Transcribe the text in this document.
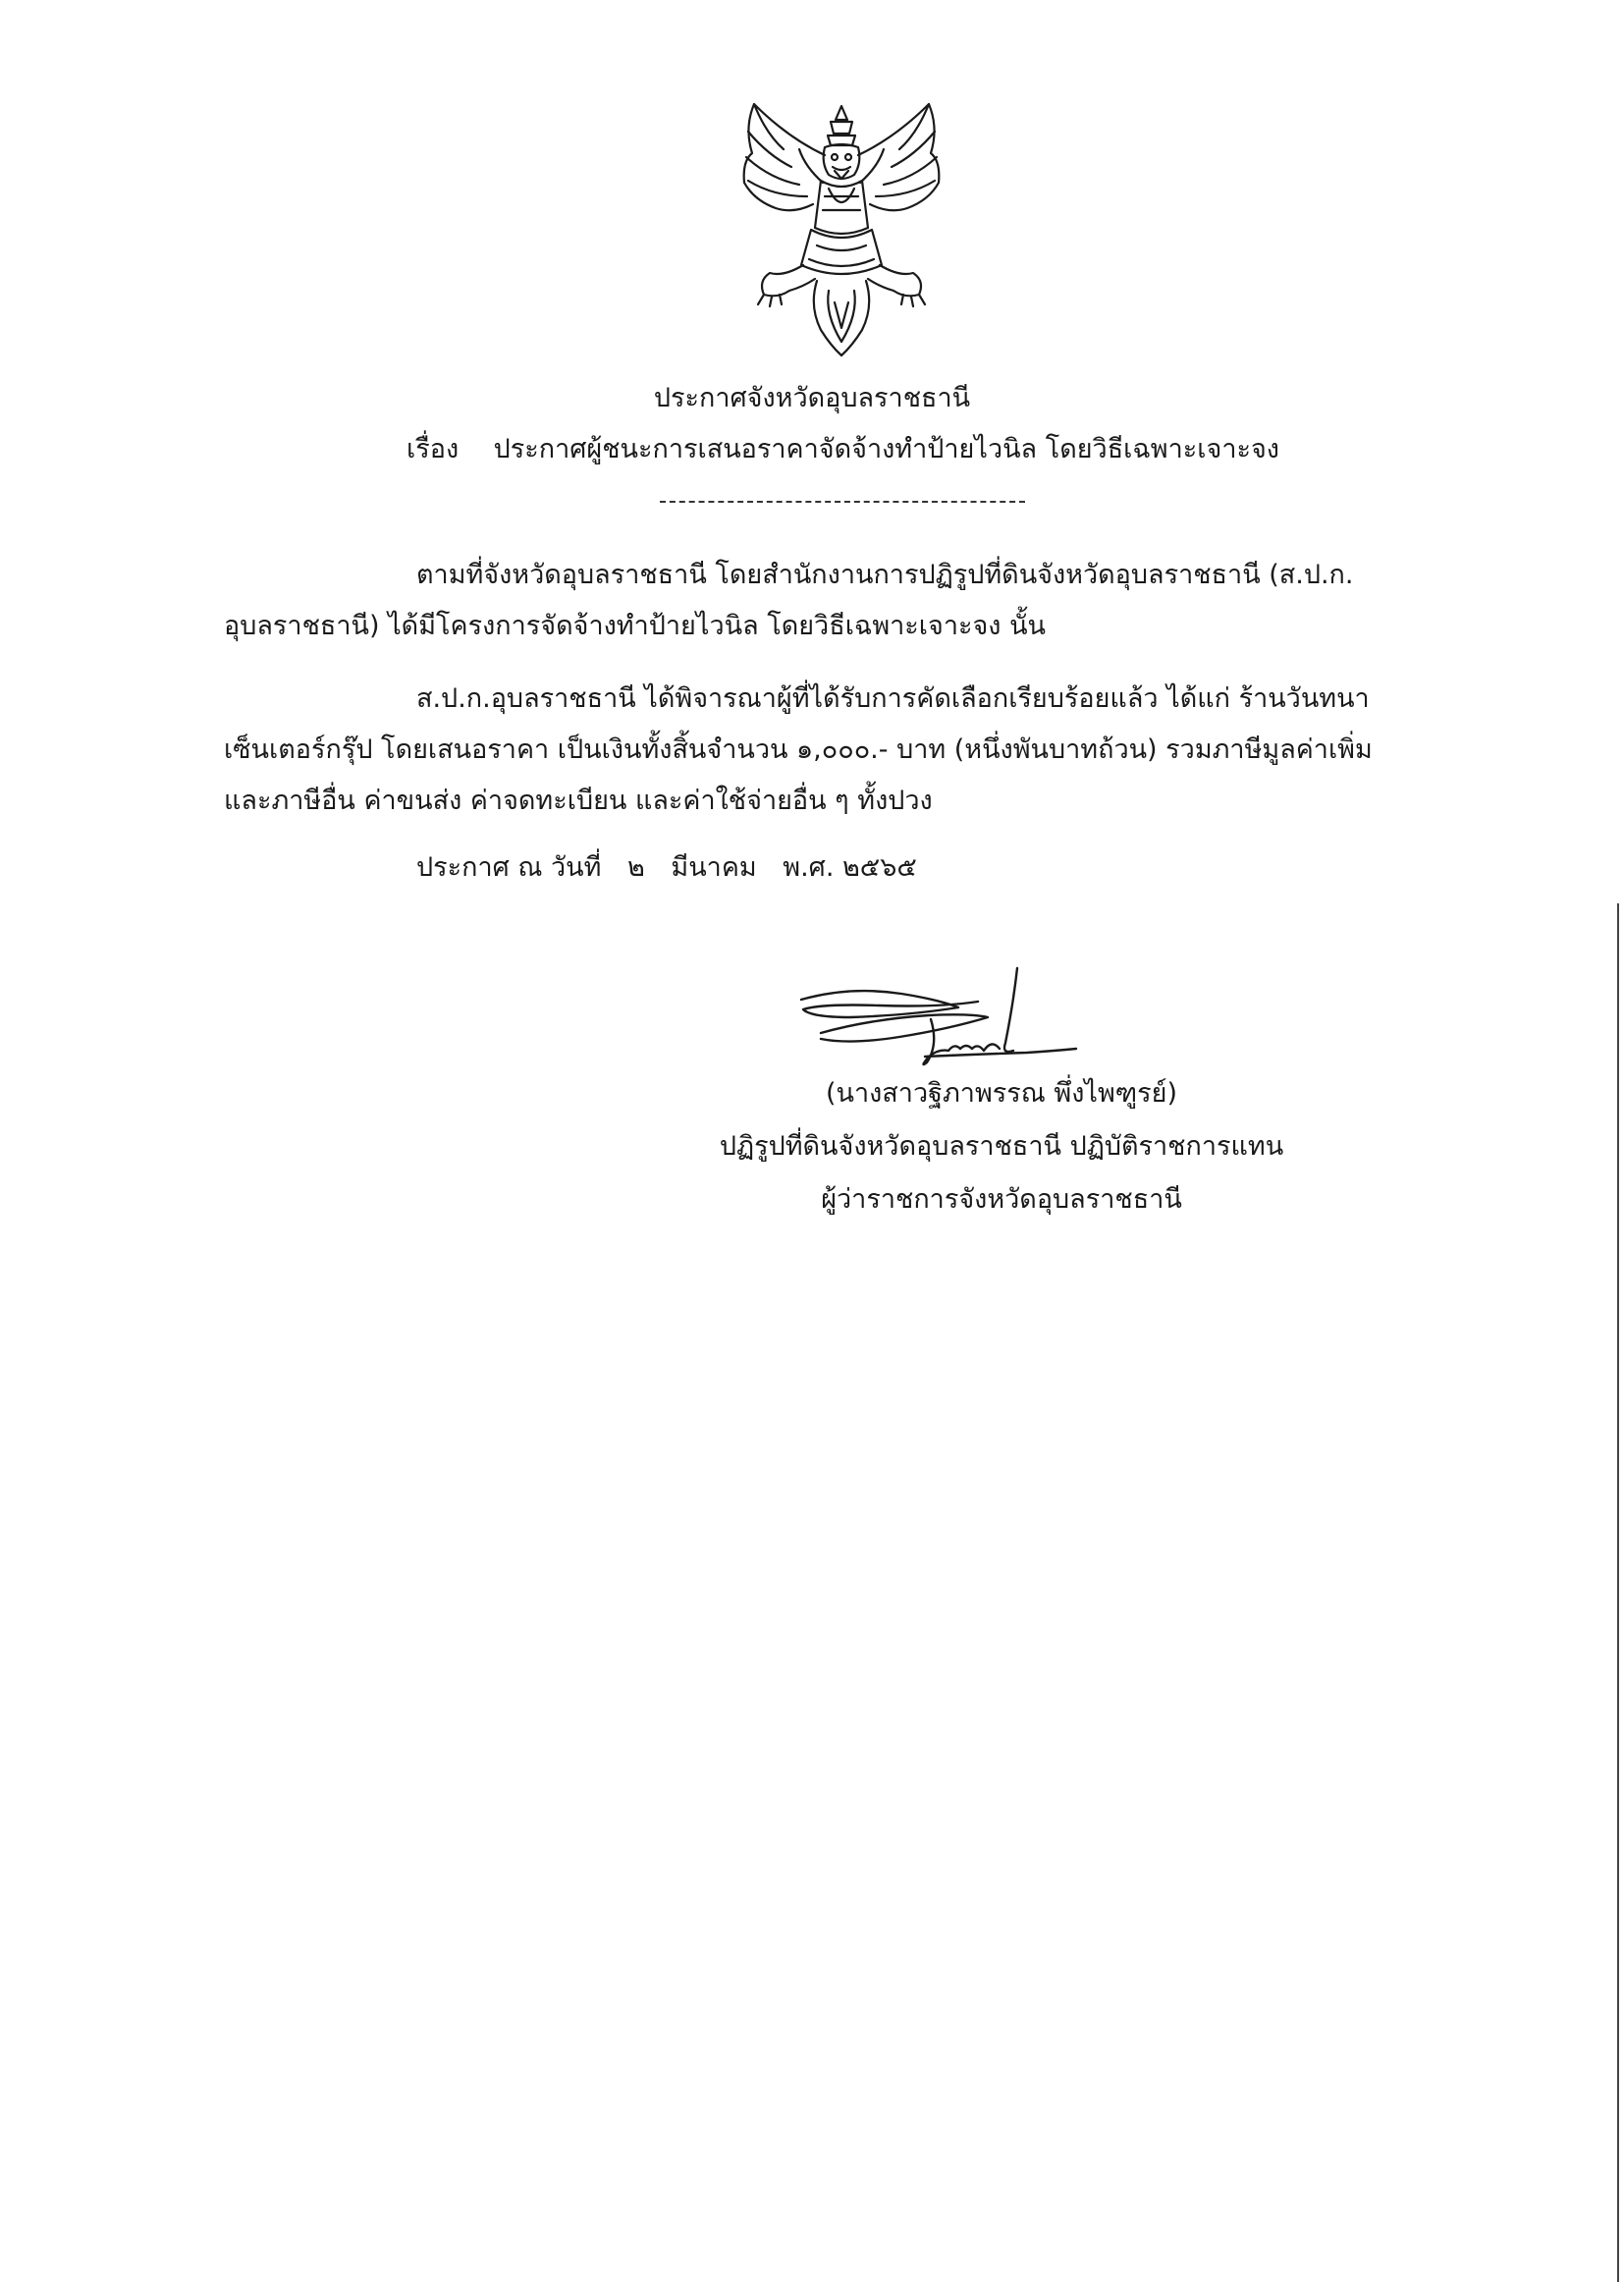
ประกาศจังหวัดอุบลราชธานี
เรื่อง ประกาศผู้ชนะการเสนอราคาจัดจ้างทำป้ายไวนิล โดยวิธีเฉพาะเจาะจง
ตามที่จังหวัดอุบลราชธานี โดยสำนักงานการปฏิรูปที่ดินจังหวัดอุบลราชธานี (ส.ป.ก.
อุบลราชธานี) ได้มีโครงการจัดจ้างทำป้ายไวนิล โดยวิธีเฉพาะเจาะจง นั้น
ส.ป.ก.อุบลราชธานี ได้พิจารณาผู้ที่ได้รับการคัดเลือกเรียบร้อยแล้ว ได้แก่ ร้านวันทนา
เซ็นเตอร์กรุ๊ป โดยเสนอราคา เป็นเงินทั้งสิ้นจำนวน ๑,๐๐๐.- บาท (หนึ่งพันบาทถ้วน) รวมภาษีมูลค่าเพิ่ม
และภาษีอื่น ค่าขนส่ง ค่าจดทะเบียน และค่าใช้จ่ายอื่น ๆ ทั้งปวง
ประกาศ ณ วันที่ ๒ มีนาคม พ.ศ. ๒๕๖๕
(นางสาวฐิภาพรรณ พึ่งไพฑูรย์)
ปฏิรูปที่ดินจังหวัดอุบลราชธานี ปฏิบัติราชการแทน
ผู้ว่าราชการจังหวัดอุบลราชธานี
